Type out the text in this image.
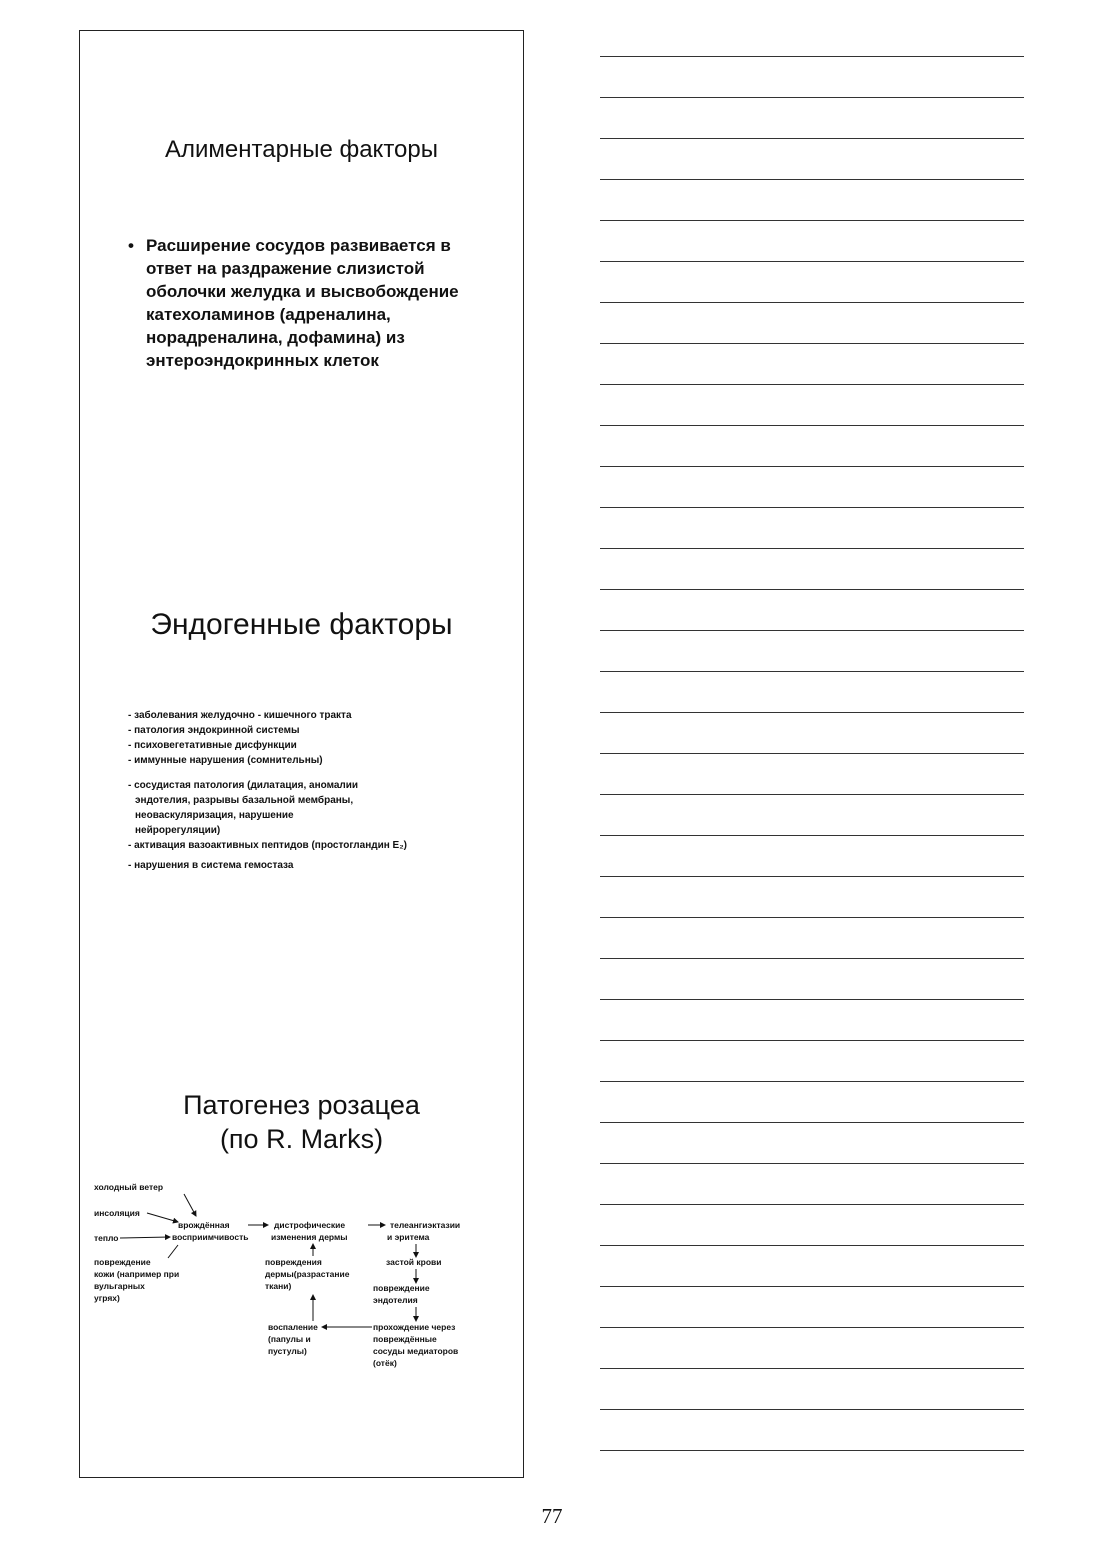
Алиментарные факторы
• Расширение сосудов развивается в
ответ на раздражение слизистой
оболочки желудка и высвобождение
катехоламинов (адреналина,
норадреналина, дофамина) из
энтероэндокринных клеток
Эндогенные факторы
- заболевания желудочно - кишечного тракта
- патология эндокринной системы
- психовегетативные дисфункции
- иммунные нарушения (сомнительны)
- сосудистая патология (дилатация, аномалии
эндотелия, разрывы базальной мембраны,
неоваскуляризация, нарушение
нейрорегуляции)
- активация вазоактивных пептидов (простогландин E₂)
- нарушения в система гемостаза
Патогенез розацеа
(по R. Marks)
холодный ветер
инсоляция
тепло
врождённая
восприимчивость
дистрофические
изменения дермы
телеангиэктазии
и эритема
повреждение
кожи (например при
вульгарных
угрях)
повреждения
дермы(разрастание
ткани)
застой крови
повреждение
эндотелия
воспаление
(папулы и
пустулы)
прохождение через
повреждённые
сосуды медиаторов
(отёк)
77
